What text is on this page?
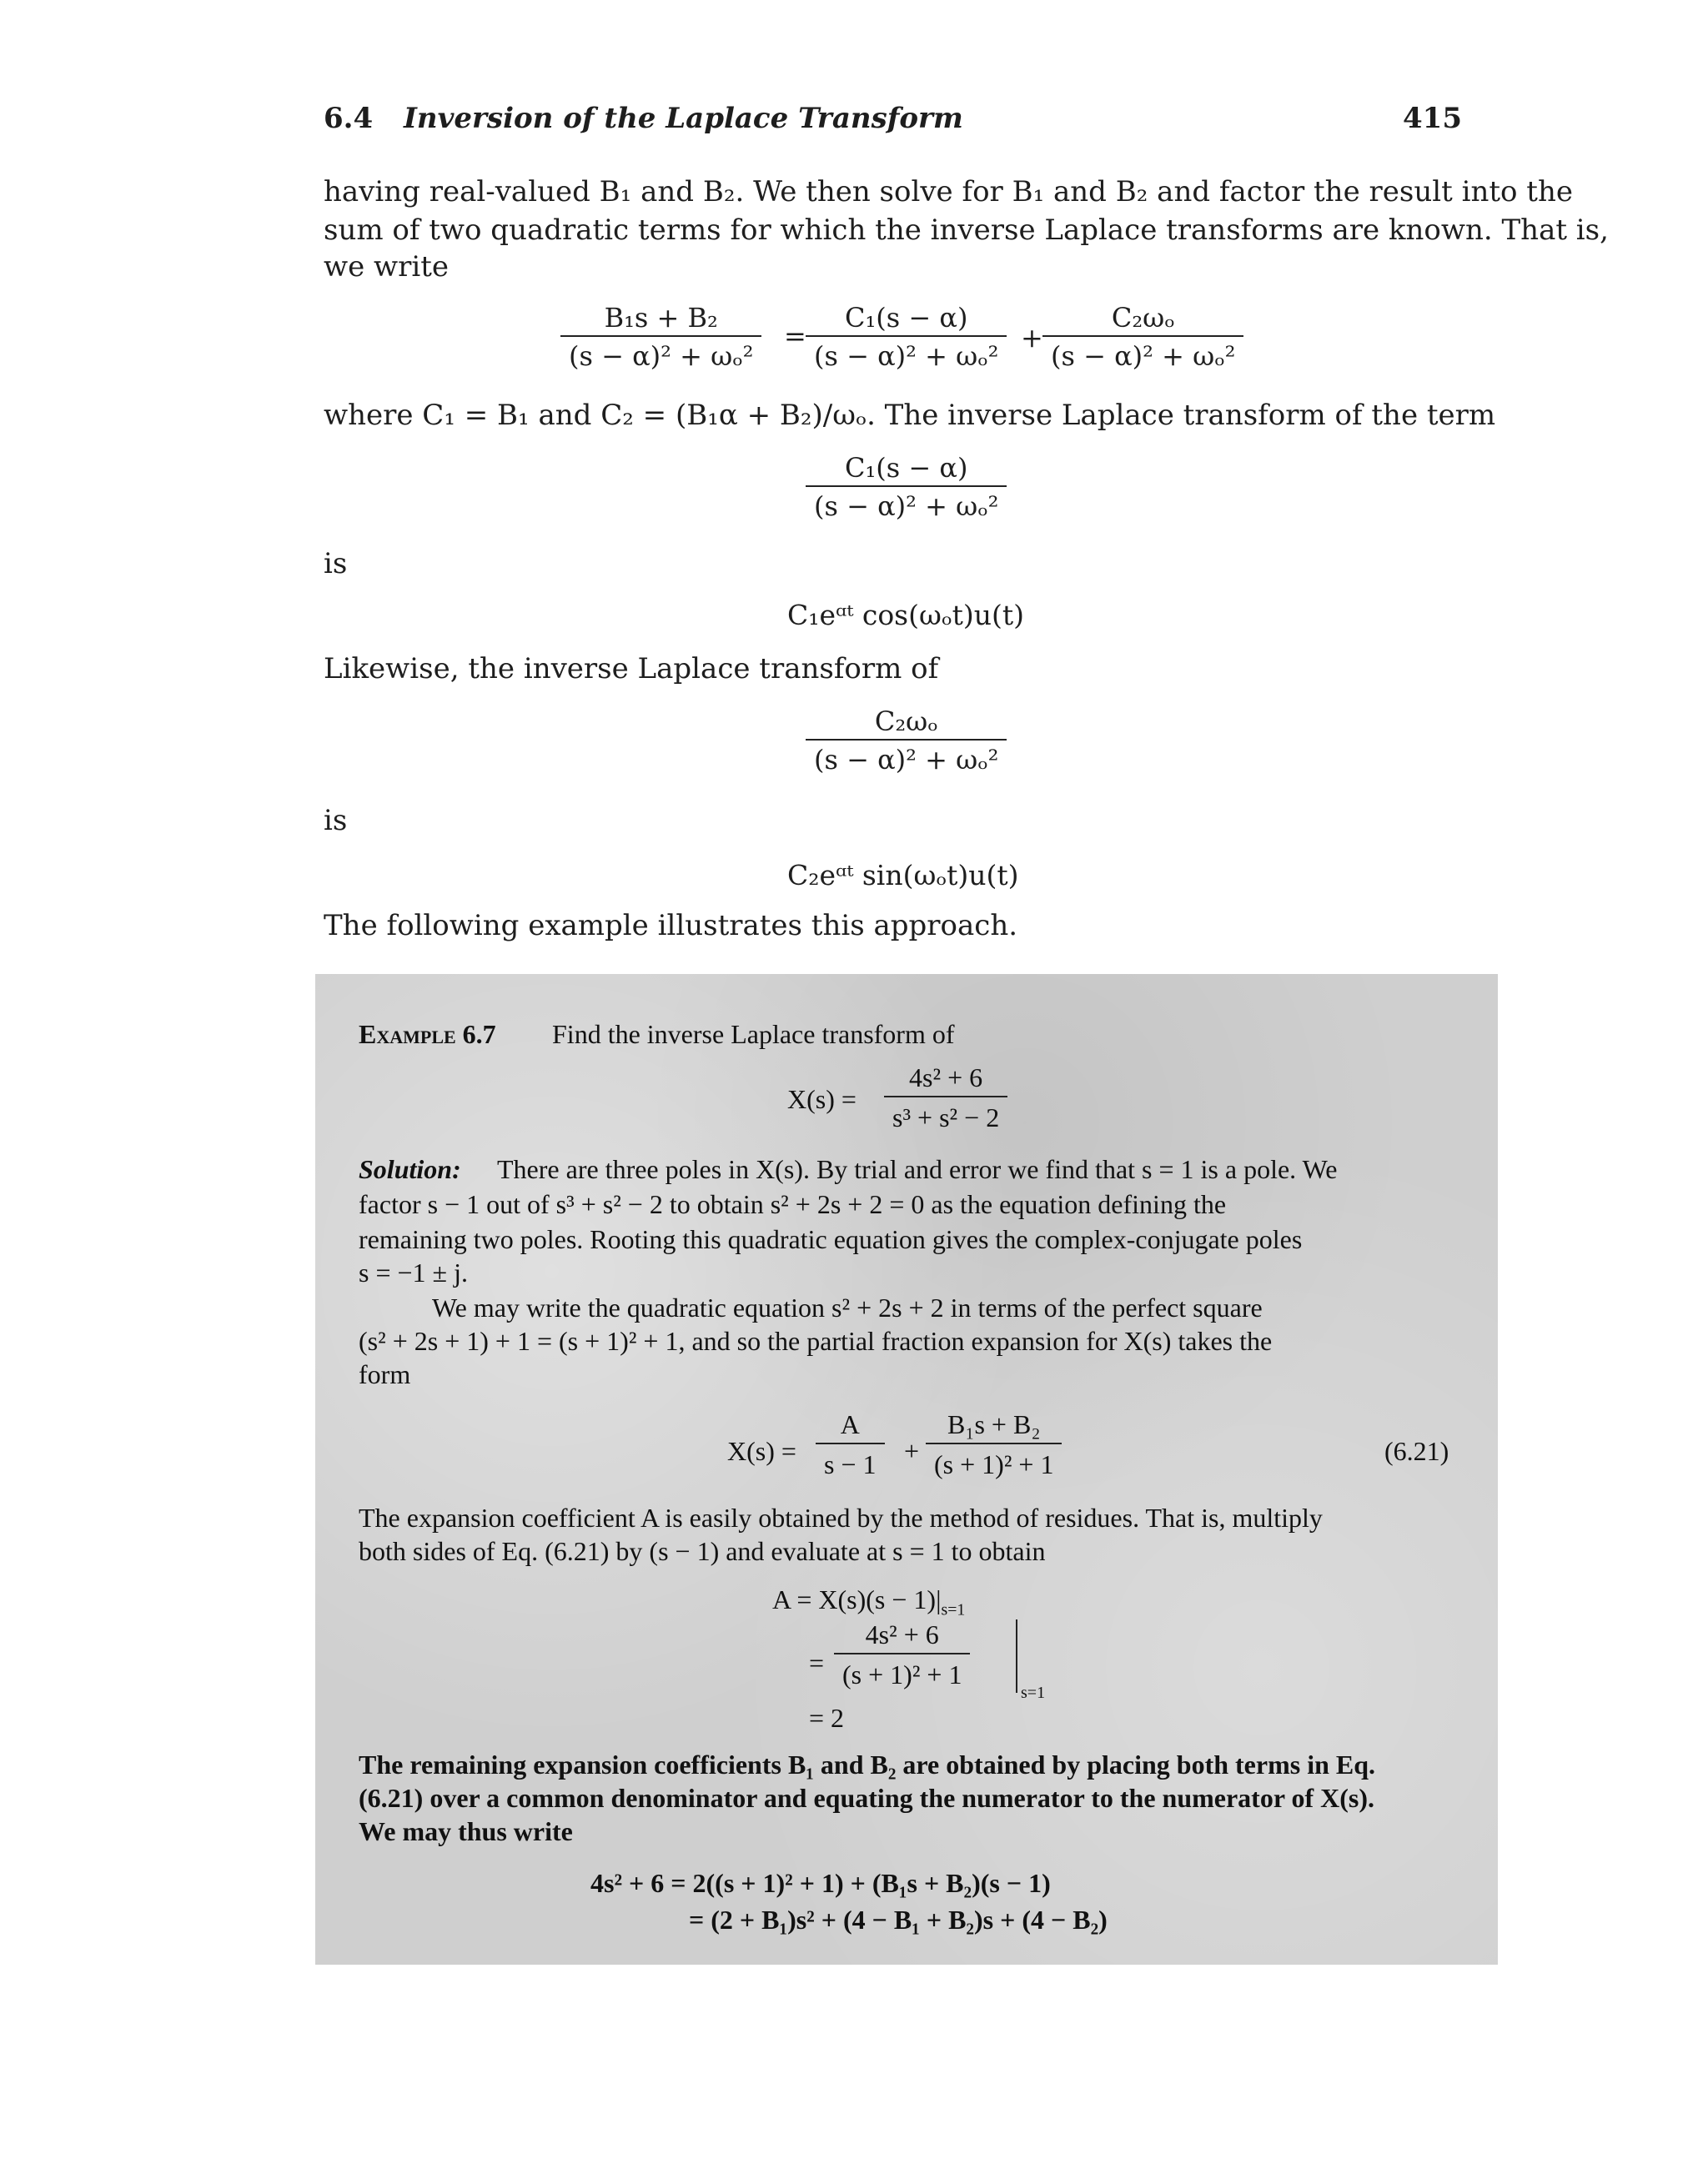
6.4 Inversion of the Laplace Transform	415
having real-valued B₁ and B₂. We then solve for B₁ and B₂ and factor the result into the
sum of two quadratic terms for which the inverse Laplace transforms are known. That is,
we write
$\frac{\text{B₁s + B₂}}{\text{(s − α)² + ωₒ²}} = \frac{\text{C₁(s − α)}}{\text{(s − α)² + ωₒ²}} + \frac{\text{C₂ωₒ}}{\text{(s − α)² + ωₒ²}}$
where C₁ = B₁ and C₂ = (B₁α + B₂)/ωₒ. The inverse Laplace transform of the term
$\frac{\text{C₁(s − α)}}{\text{(s − α)² + ωₒ²}}$
is
C₁eᵅᵗ cos(ωₒt)u(t)
Likewise, the inverse Laplace transform of
$\frac{\text{C₂ωₒ}}{\text{(s − α)² + ωₒ²}}$
is
C₂eᵅᵗ sin(ωₒt)u(t)
The following example illustrates this approach.
Example 6.7 Find the inverse Laplace transform of
$X(s) = \frac{\text{4s² + 6}}{\text{s³ + s² − 2}}$
Solution: There are three poles in X(s). By trial and error we find that s = 1 is a pole. We
factor s − 1 out of s³ + s² − 2 to obtain s² + 2s + 2 = 0 as the equation defining the
remaining two poles. Rooting this quadratic equation gives the complex-conjugate poles
s = −1 ± j.
We may write the quadratic equation s² + 2s + 2 in terms of the perfect square
(s² + 2s + 1) + 1 = (s + 1)² + 1, and so the partial fraction expansion for X(s) takes the
form
$X(s) = \frac{A}{s - 1} + \frac{\text{B₁s + B₂}}{\text{(s + 1)² + 1}}$	(6.21)
The expansion coefficient A is easily obtained by the method of residues. That is, multiply
both sides of Eq. (6.21) by (s − 1) and evaluate at s = 1 to obtain
$A = X(s)(s - 1)|_{s=1}$
= $\frac{\text{4s² + 6}}{\text{(s + 1)² + 1}}$
s=1
= 2
The remaining expansion coefficients B₁ and B₂ are obtained by placing both terms in Eq.
(6.21) over a common denominator and equating the numerator to the numerator of X(s).
We may thus write
4s² + 6 = 2((s + 1)² + 1) + (B₁s + B₂)(s − 1)
= (2 + B₁)s² + (4 − B₁ + B₂)s + (4 − B₂)
